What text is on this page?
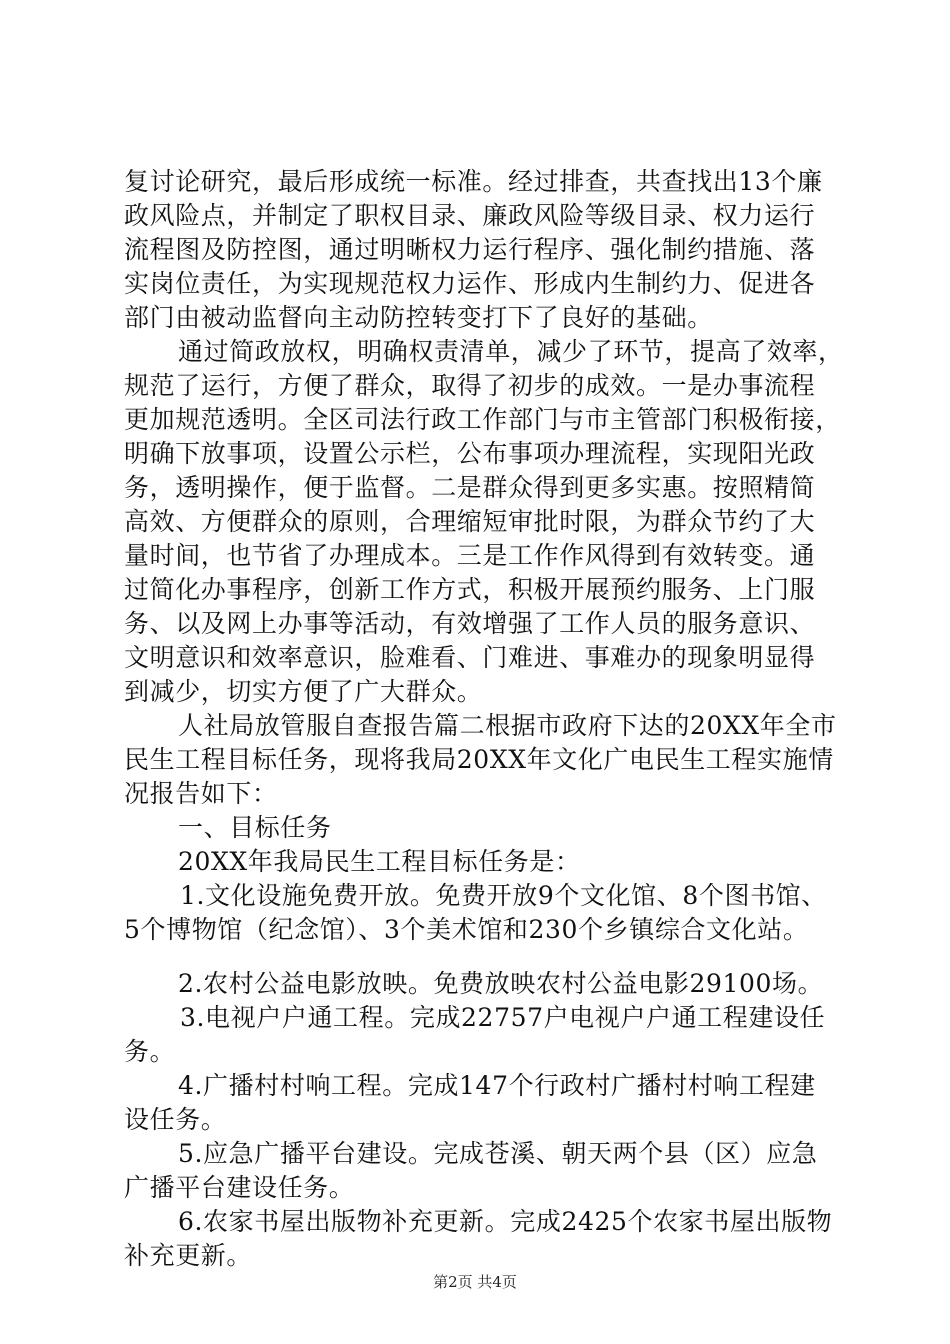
复讨论研究，最后形成统一标准。经过排查，共查找出13个廉
政风险点，并制定了职权目录、廉政风险等级目录、权力运行
流程图及防控图，通过明晰权力运行程序、强化制约措施、落
实岗位责任，为实现规范权力运作、形成内生制约力、促进各
部门由被动监督向主动防控转变打下了良好的基础。
通过简政放权，明确权责清单，减少了环节，提高了效率，
规范了运行，方便了群众，取得了初步的成效。一是办事流程
更加规范透明。全区司法行政工作部门与市主管部门积极衔接，
明确下放事项，设置公示栏，公布事项办理流程，实现阳光政
务，透明操作，便于监督。二是群众得到更多实惠。按照精简
高效、方便群众的原则，合理缩短审批时限，为群众节约了大
量时间，也节省了办理成本。三是工作作风得到有效转变。通
过简化办事程序，创新工作方式，积极开展预约服务、上门服
务、以及网上办事等活动，有效增强了工作人员的服务意识、
文明意识和效率意识，脸难看、门难进、事难办的现象明显得
到减少，切实方便了广大群众。
人社局放管服自查报告篇二根据市政府下达的20XX年全市
民生工程目标任务，现将我局20XX年文化广电民生工程实施情
况报告如下：
一、目标任务
20XX年我局民生工程目标任务是：
1.文化设施免费开放。免费开放9个文化馆、8个图书馆、
5个博物馆（纪念馆）、3个美术馆和230个乡镇综合文化站。
2.农村公益电影放映。免费放映农村公益电影29100场。
3.电视户户通工程。完成22757户电视户户通工程建设任
务。
4.广播村村响工程。完成147个行政村广播村村响工程建
设任务。
5.应急广播平台建设。完成苍溪、朝天两个县（区）应急
广播平台建设任务。
6.农家书屋出版物补充更新。完成2425个农家书屋出版物
补充更新。
第2页 共4页
